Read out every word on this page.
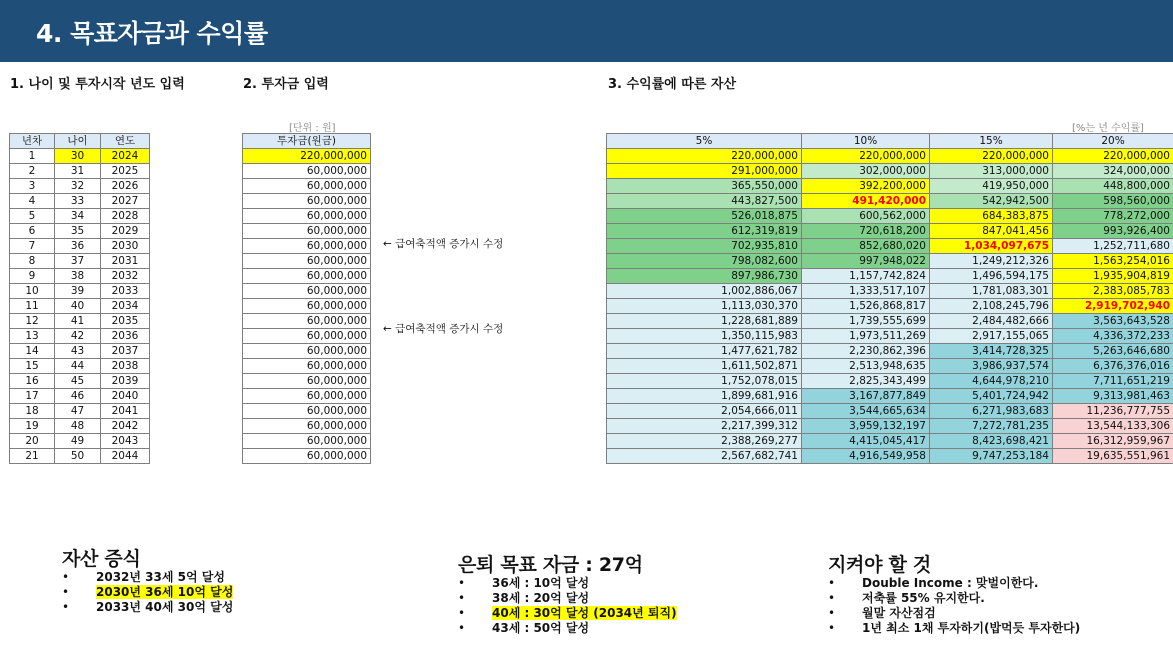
4. 목표자금과 수익률
1. 나이 및 투자시작 년도 입력	2. 투자금 입력	3. 수익률에 따른 자산
[단위 : 원]	[%는 년 수익률]
년차	나이	연도
1	30	2024
2	31	2025
3	32	2026
4	33	2027
5	34	2028
6	35	2029
7	36	2030
8	37	2031
9	38	2032
10	39	2033
11	40	2034
12	41	2035
13	42	2036
14	43	2037
15	44	2038
16	45	2039
17	46	2040
18	47	2041
19	48	2042
20	49	2043
21	50	2044
투자금(원금)
220,000,000
60,000,000
60,000,000
60,000,000
60,000,000
60,000,000
60,000,000
60,000,000
60,000,000
60,000,000
60,000,000
60,000,000
60,000,000
60,000,000
60,000,000
60,000,000
60,000,000
60,000,000
60,000,000
60,000,000
60,000,000
← 급여축적액 증가시 수정
← 급여축적액 증가시 수정
5%	10%	15%	20%
220,000,000	220,000,000	220,000,000	220,000,000
291,000,000	302,000,000	313,000,000	324,000,000
365,550,000	392,200,000	419,950,000	448,800,000
443,827,500	491,420,000	542,942,500	598,560,000
526,018,875	600,562,000	684,383,875	778,272,000
612,319,819	720,618,200	847,041,456	993,926,400
702,935,810	852,680,020	1,034,097,675	1,252,711,680
798,082,600	997,948,022	1,249,212,326	1,563,254,016
897,986,730	1,157,742,824	1,496,594,175	1,935,904,819
1,002,886,067	1,333,517,107	1,781,083,301	2,383,085,783
1,113,030,370	1,526,868,817	2,108,245,796	2,919,702,940
1,228,681,889	1,739,555,699	2,484,482,666	3,563,643,528
1,350,115,983	1,973,511,269	2,917,155,065	4,336,372,233
1,477,621,782	2,230,862,396	3,414,728,325	5,263,646,680
1,611,502,871	2,513,948,635	3,986,937,574	6,376,376,016
1,752,078,015	2,825,343,499	4,644,978,210	7,711,651,219
1,899,681,916	3,167,877,849	5,401,724,942	9,313,981,463
2,054,666,011	3,544,665,634	6,271,983,683	11,236,777,755
2,217,399,312	3,959,132,197	7,272,781,235	13,544,133,306
2,388,269,277	4,415,045,417	8,423,698,421	16,312,959,967
2,567,682,741	4,916,549,958	9,747,253,184	19,635,551,961
자산 증식
• 2032년 33세 5억 달성
• 2030년 36세 10억 달성
• 2033년 40세 30억 달성
은퇴 목표 자금 : 27억
• 36세 : 10억 달성
• 38세 : 20억 달성
• 40세 : 30억 달성 (2034년 퇴직)
• 43세 : 50억 달성
지켜야 할 것
• Double Income : 맞벌이한다.
• 저축률 55% 유지한다.
• 월말 자산점검
• 1년 최소 1채 투자하기(밥먹듯 투자한다)
